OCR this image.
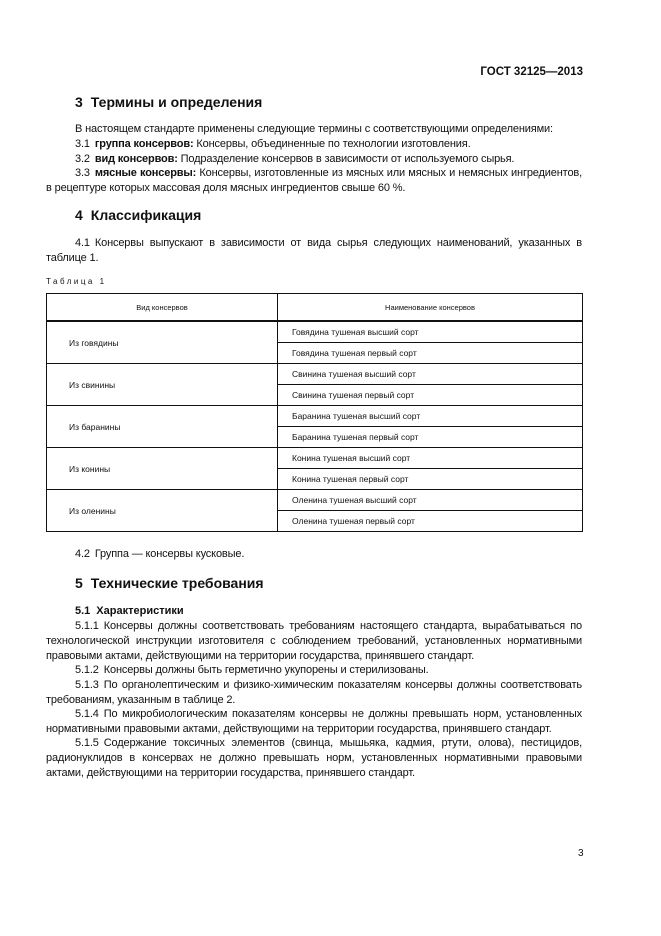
ГОСТ 32125—2013
3 Термины и определения
В настоящем стандарте применены следующие термины с соответствующими определениями:
3.1 группа консервов: Консервы, объединенные по технологии изготовления.
3.2 вид консервов: Подразделение консервов в зависимости от используемого сырья.
3.3 мясные консервы: Консервы, изготовленные из мясных или мясных и немясных ингредиентов, в рецептуре которых массовая доля мясных ингредиентов свыше 60 %.
4 Классификация
4.1 Консервы выпускают в зависимости от вида сырья следующих наименований, указанных в таблице 1.
Таблица 1
Вид консервов	Наименование консервов
Из говядины	Говядина тушеная высший сорт
	Говядина тушеная первый сорт
Из свинины	Свинина тушеная высший сорт
	Свинина тушеная первый сорт
Из баранины	Баранина тушеная высший сорт
	Баранина тушеная первый сорт
Из конины	Конина тушеная высший сорт
	Конина тушеная первый сорт
Из оленины	Оленина тушеная высший сорт
	Оленина тушеная первый сорт
4.2 Группа — консервы кусковые.
5 Технические требования
5.1 Характеристики
5.1.1 Консервы должны соответствовать требованиям настоящего стандарта, вырабатываться по технологической инструкции изготовителя с соблюдением требований, установленных нормативными правовыми актами, действующими на территории государства, принявшего стандарт.
5.1.2 Консервы должны быть герметично укупорены и стерилизованы.
5.1.3 По органолептическим и физико-химическим показателям консервы должны соответствовать требованиям, указанным в таблице 2.
5.1.4 По микробиологическим показателям консервы не должны превышать норм, установленных нормативными правовыми актами, действующими на территории государства, принявшего стандарт.
5.1.5 Содержание токсичных элементов (свинца, мышьяка, кадмия, ртути, олова), пестицидов, радионуклидов в консервах не должно превышать норм, установленных нормативными правовыми актами, действующими на территории государства, принявшего стандарт.
3
